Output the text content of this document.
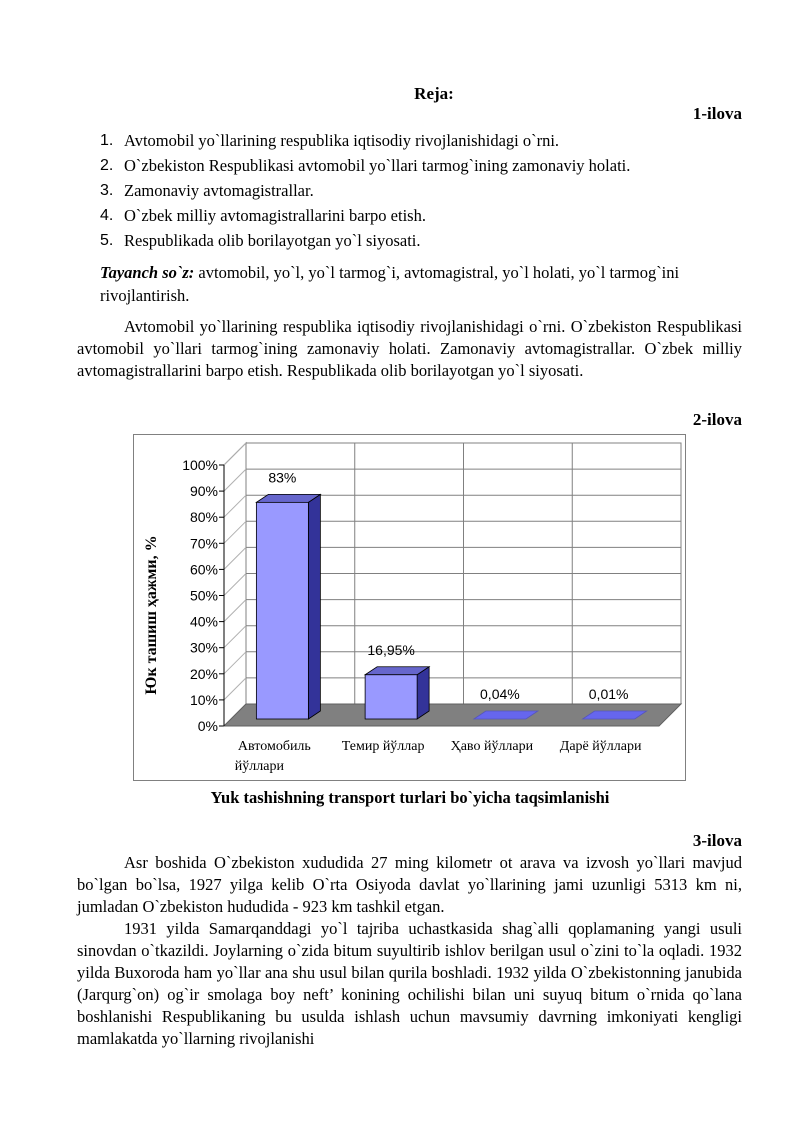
Reja:
1-ilova
1. Avtomobil yo`llarining respublika iqtisodiy rivojlanishidagi o`rni.
2. O`zbekiston Respublikasi avtomobil yo`llari tarmog`ining zamonaviy holati.
3. Zamonaviy avtomagistrallar.
4. O`zbek milliy avtomagistrallarini barpo etish.
5. Respublikada olib borilayotgan yo`l siyosati.
Tayanch so`z: avtomobil, yo`l, yo`l tarmog`i, avtomagistral, yo`l holati, yo`l tarmog`ini rivojlantirish.

Avtomobil yo`llarining respublika iqtisodiy rivojlanishidagi o`rni. O`zbekiston Respublikasi avtomobil yo`llari tarmog`ining zamonaviy holati. Zamonaviy avtomagistrallar. O`zbek milliy avtomagistrallarini barpo etish. Respublikada olib borilayotgan yo`l siyosati.

2-ilova
Юк ташиш ҳажми, %
0%
10%
20%
30%
40%
50%
60%
70%
80%
90%
100%
83%
Автомобиль
йўллари
16,95%
Темир йўллар
0,04%
Ҳаво йўллари
0,01%
Дарё йўллари
Yuk tashishning transport turlari bo`yicha taqsimlanishi
3-ilova

Asr boshida O`zbekiston xududida 27 ming kilometr ot arava va izvosh yo`llari mavjud bo`lgan bo`lsa, 1927 yilga kelib O`rta Osiyoda davlat yo`llarining jami uzunligi 5313 km ni, jumladan O`zbekiston hududida - 923 km tashkil etgan.

1931 yilda Samarqanddagi yo`l tajriba uchastkasida shag`alli qoplamaning yangi usuli sinovdan o`tkazildi. Joylarning o`zida bitum suyultirib ishlov berilgan usul o`zini to`la oqladi. 1932 yilda Buxoroda ham yo`llar ana shu usul bilan qurila boshladi. 1932 yilda O`zbekistonning janubida (Jarqurg`on) og`ir smolaga boy neft’ konining ochilishi bilan uni suyuq bitum o`rnida qo`lana boshlanishi Respublikaning bu usulda ishlash uchun mavsumiy davrning imkoniyati kengligi mamlakatda yo`llarning rivojlanishi
